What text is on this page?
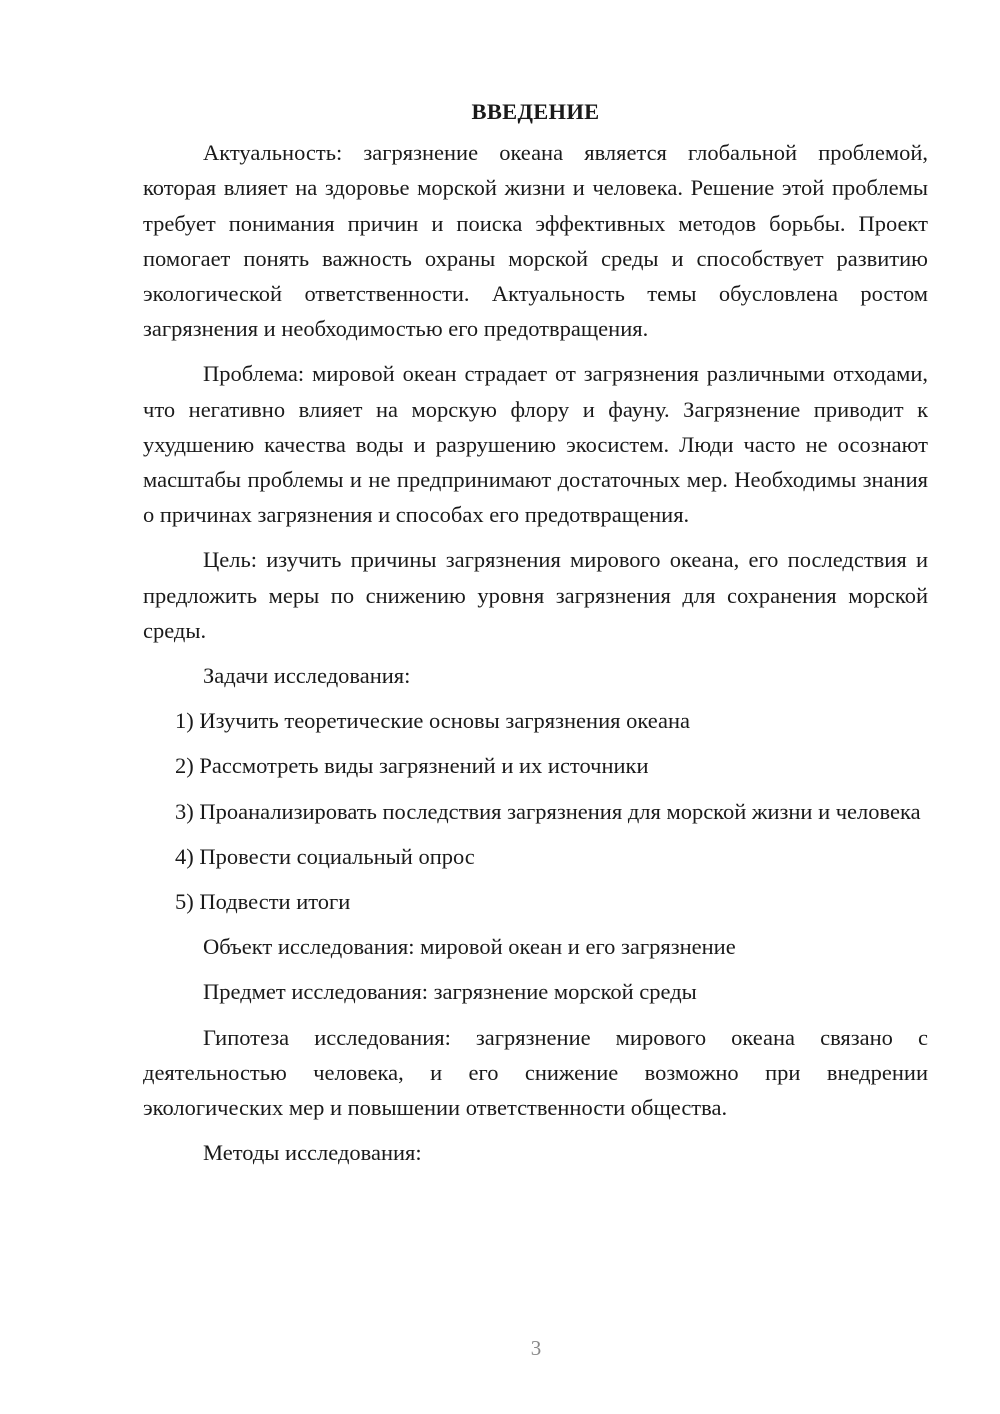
ВВЕДЕНИЕ

Актуальность: загрязнение океана является глобальной проблемой, которая влияет на здоровье морской жизни и человека. Решение этой проблемы требует понимания причин и поиска эффективных методов борьбы. Проект помогает понять важность охраны морской среды и способствует развитию экологической ответственности. Актуальность темы обусловлена ростом загрязнения и необходимостью его предотвращения.

Проблема: мировой океан страдает от загрязнения различными отходами, что негативно влияет на морскую флору и фауну. Загрязнение приводит к ухудшению качества воды и разрушению экосистем. Люди часто не осознают масштабы проблемы и не предпринимают достаточных мер. Необходимы знания о причинах загрязнения и способах его предотвращения.

Цель: изучить причины загрязнения мирового океана, его последствия и предложить меры по снижению уровня загрязнения для сохранения морской среды.

Задачи исследования:

1) Изучить теоретические основы загрязнения океана

2) Рассмотреть виды загрязнений и их источники

3) Проанализировать последствия загрязнения для морской жизни и человека

4) Провести социальный опрос

5) Подвести итоги

Объект исследования: мировой океан и его загрязнение

Предмет исследования: загрязнение морской среды

Гипотеза исследования: загрязнение мирового океана связано с деятельностью человека, и его снижение возможно при внедрении экологических мер и повышении ответственности общества.

Методы исследования:

3
